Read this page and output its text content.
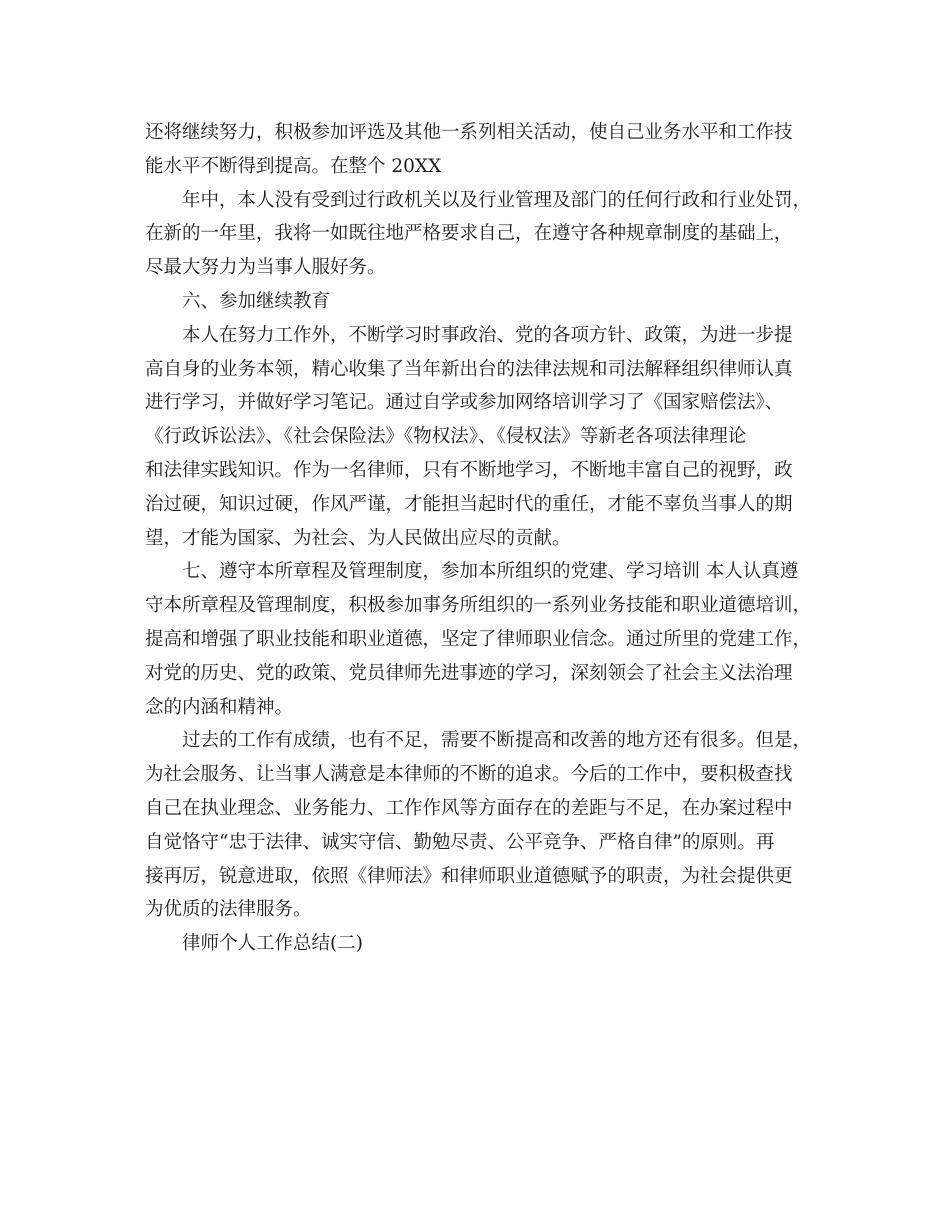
还将继续努力，积极参加评选及其他一系列相关活动，使自己业务水平和工作技
能水平不断得到提高。在整个 20XX
年中，本人没有受到过行政机关以及行业管理及部门的任何行政和行业处罚，
在新的一年里，我将一如既往地严格要求自己，在遵守各种规章制度的基础上，
尽最大努力为当事人服好务。
六、参加继续教育
本人在努力工作外，不断学习时事政治、党的各项方针、政策，为进一步提
高自身的业务本领，精心收集了当年新出台的法律法规和司法解释组织律师认真
进行学习，并做好学习笔记。通过自学或参加网络培训学习了《国家赔偿法》、
《行政诉讼法》、《社会保险法》《物权法》、《侵权法》等新老各项法律理论
和法律实践知识。作为一名律师，只有不断地学习，不断地丰富自己的视野，政
治过硬，知识过硬，作风严谨，才能担当起时代的重任，才能不辜负当事人的期
望，才能为国家、为社会、为人民做出应尽的贡献。
七、遵守本所章程及管理制度，参加本所组织的党建、学习培训 本人认真遵
守本所章程及管理制度，积极参加事务所组织的一系列业务技能和职业道德培训，
提高和增强了职业技能和职业道德，坚定了律师职业信念。通过所里的党建工作，
对党的历史、党的政策、党员律师先进事迹的学习，深刻领会了社会主义法治理
念的内涵和精神。
过去的工作有成绩，也有不足，需要不断提高和改善的地方还有很多。但是，
为社会服务、让当事人满意是本律师的不断的追求。今后的工作中，要积极查找
自己在执业理念、业务能力、工作作风等方面存在的差距与不足，在办案过程中
自觉恪守“忠于法律、诚实守信、勤勉尽责、公平竞争、严格自律”的原则。再
接再厉，锐意进取，依照《律师法》和律师职业道德赋予的职责，为社会提供更
为优质的法律服务。
律师个人工作总结(二)
